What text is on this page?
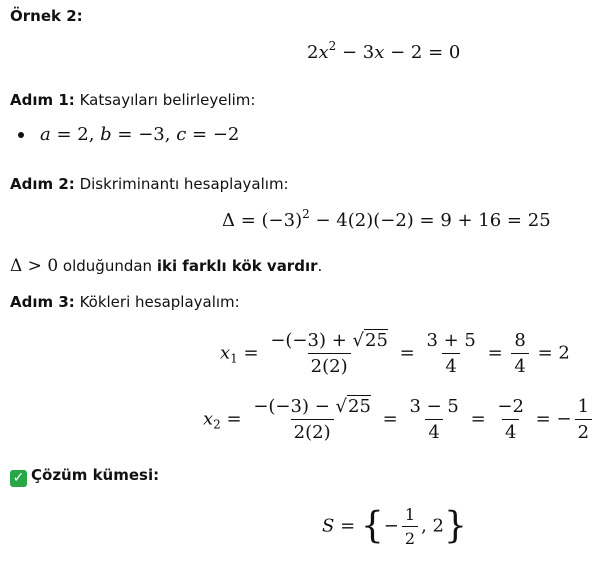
Örnek 2:
$2x^2 - 3x - 2 = 0$
Adım 1: Katsayıları belirleyelim:
a = 2, b = −3, c = −2
Adım 2: Diskriminantı hesaplayalım:
$\Delta = (-3)^2 - 4(2)(-2) = 9 + 16 = 25$
Δ > 0 olduğundan iki farklı kök vardır.
Adım 3: Kökleri hesaplayalım:
$x_1 = \frac{-(-3) + √25}{2(2)} = \frac{3 + 5}{4} = \frac{8}{4} = 2$
$x_2 = \frac{-(-3) - √25}{2(2)} = \frac{3 - 5}{4} = \frac{-2}{4}$ = − $\frac{1}{2}$
✓ Çözüm kümesi:
S = {− $\frac{1}{2}$ , 2}
